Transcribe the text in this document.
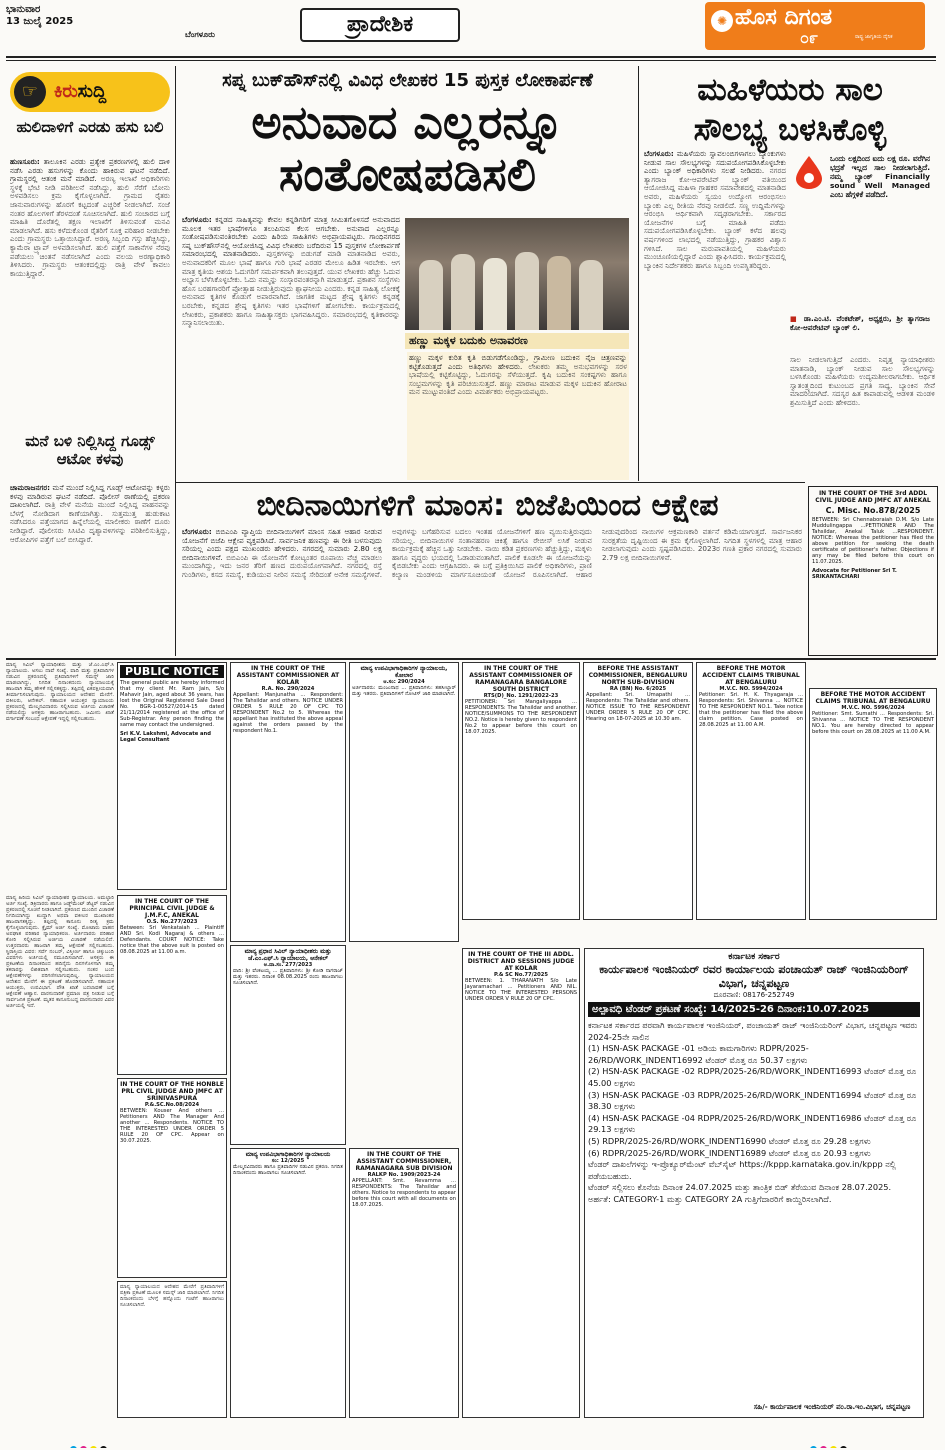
ಭಾನುವಾರ
13 ಜುಲೈ 2025
ಬೆಂಗಳೂರು	ಪ್ರಾದೇಶಿಕ	✺ ಹೊಸ ದಿಗಂತ
೦೯	ರಾಷ್ಟ್ರ ಜಾಗೃತಿಯ ದೈನಿಕ
☞ ಕಿರುಸುದ್ದಿ
ಹುಲಿದಾಳಿಗೆ ಎರಡು ಹಸು ಬಲಿ
ಹುಣಸೂರು: ತಾಲೂಕಿನ ಎರಡು ಪ್ರತ್ಯೇಕ ಪ್ರಕರಣಗಳಲ್ಲಿ ಹುಲಿ ದಾಳಿ ನಡೆಸಿ ಎರಡು ಹಸುಗಳನ್ನು ಕೊಂದು ಹಾಕಿರುವ ಘಟನೆ ನಡೆದಿದೆ. ಗ್ರಾಮಸ್ಥರಲ್ಲಿ ಆತಂಕ ಮನೆ ಮಾಡಿದೆ. ಅರಣ್ಯ ಇಲಾಖೆ ಅಧಿಕಾರಿಗಳು ಸ್ಥಳಕ್ಕೆ ಭೇಟಿ ನೀಡಿ ಪರಿಶೀಲನೆ ನಡೆಸಿದ್ದು, ಹುಲಿ ಸೆರೆಗೆ ಬೋನು ಅಳವಡಿಸಲು ಕ್ರಮ ಕೈಗೊಳ್ಳಲಾಗಿದೆ. ಗ್ರಾಮದ ರೈತರು ಜಾನುವಾರುಗಳನ್ನು ಹೊರಗೆ ಕಟ್ಟದಂತೆ ಎಚ್ಚರಿಕೆ ನೀಡಲಾಗಿದೆ. ಸಂಜೆ ನಂತರ ಹೊಲಗಳಿಗೆ ತೆರಳದಂತೆ ಸೂಚಿಸಲಾಗಿದೆ. ಹುಲಿ ಸಂಚಾರದ ಬಗ್ಗೆ ಮಾಹಿತಿ ದೊರೆತಲ್ಲಿ ತಕ್ಷಣ ಇಲಾಖೆಗೆ ತಿಳಿಸುವಂತೆ ಮನವಿ ಮಾಡಲಾಗಿದೆ. ಹಸು ಕಳೆದುಕೊಂಡ ರೈತರಿಗೆ ಸೂಕ್ತ ಪರಿಹಾರ ನೀಡಬೇಕು ಎಂದು ಗ್ರಾಮಸ್ಥರು ಒತ್ತಾಯಿಸಿದ್ದಾರೆ. ಅರಣ್ಯ ಸಿಬ್ಬಂದಿ ಗಸ್ತು ಹೆಚ್ಚಿಸಿದ್ದು, ಕ್ಯಾಮೆರಾ ಟ್ರ್ಯಾಪ್ ಅಳವಡಿಸಲಾಗಿದೆ. ಹುಲಿ ಪತ್ತೆಗೆ ಸಾಕಾನೆಗಳ ನೆರವು ಪಡೆಯಲು ಚಿಂತನೆ ನಡೆಸಲಾಗಿದೆ ಎಂದು ವಲಯ ಅರಣ್ಯಾಧಿಕಾರಿ ತಿಳಿಸಿದರು. ಗ್ರಾಮಸ್ಥರು ಆತಂಕದಲ್ಲಿದ್ದು ರಾತ್ರಿ ವೇಳೆ ಕಾವಲು ಕಾಯುತ್ತಿದ್ದಾರೆ.
ಮನೆ ಬಳಿ ನಿಲ್ಲಿಸಿದ್ದ ಗೂಡ್ಸ್ ಆಟೋ ಕಳವು
ಚಾಮರಾಜನಗರ: ಮನೆ ಮುಂದೆ ನಿಲ್ಲಿಸಿದ್ದ ಗೂಡ್ಸ್ ಆಟೋವನ್ನು ಕಳ್ಳರು ಕಳವು ಮಾಡಿರುವ ಘಟನೆ ನಡೆದಿದೆ. ಪೊಲೀಸ್ ಠಾಣೆಯಲ್ಲಿ ಪ್ರಕರಣ ದಾಖಲಾಗಿದೆ. ರಾತ್ರಿ ವೇಳೆ ಮನೆಯ ಮುಂದೆ ನಿಲ್ಲಿಸಿದ್ದ ವಾಹನವನ್ನು ಬೆಳಗ್ಗೆ ನೋಡಿದಾಗ ಕಾಣೆಯಾಗಿತ್ತು. ಸುತ್ತಮುತ್ತ ಹುಡುಕಾಟ ನಡೆಸಿದರೂ ಪತ್ತೆಯಾಗದ ಹಿನ್ನೆಲೆಯಲ್ಲಿ ಮಾಲೀಕರು ಠಾಣೆಗೆ ದೂರು ನೀಡಿದ್ದಾರೆ. ಪೊಲೀಸರು ಸಿಸಿಟಿವಿ ದೃಶ್ಯಾವಳಿಗಳನ್ನು ಪರಿಶೀಲಿಸುತ್ತಿದ್ದು, ಆರೋಪಿಗಳ ಪತ್ತೆಗೆ ಬಲೆ ಬೀಸಿದ್ದಾರೆ.
ಸಪ್ನ ಬುಕ್‌ಹೌಸ್‌ನಲ್ಲಿ ವಿವಿಧ ಲೇಖಕರ 15 ಪುಸ್ತಕ ಲೋಕಾರ್ಪಣೆ
ಅನುವಾದ ಎಲ್ಲರನ್ನೂ
ಸಂತೋಷಪಡಿಸಲಿ
ಬೆಂಗಳೂರು: ಕನ್ನಡದ ಸಾಹಿತ್ಯವನ್ನು ಕೇವಲ ಕನ್ನಡಿಗರಿಗೆ ಮಾತ್ರ ಸೀಮಿತಗೊಳಿಸದೆ ಅನುವಾದದ ಮೂಲಕ ಇತರ ಭಾಷೆಗಳಿಗೂ ತಲುಪಿಸುವ ಕೆಲಸ ಆಗಬೇಕು. ಅನುವಾದ ಎಲ್ಲರನ್ನೂ ಸಂತೋಷಪಡಿಸುವಂತಿರಬೇಕು ಎಂದು ಹಿರಿಯ ಸಾಹಿತಿಗಳು ಅಭಿಪ್ರಾಯಪಟ್ಟರು. ಗಾಂಧಿನಗರದ ಸಪ್ನ ಬುಕ್‌ಹೌಸ್‌ನಲ್ಲಿ ಆಯೋಜಿಸಿದ್ದ ವಿವಿಧ ಲೇಖಕರು ಬರೆದಿರುವ 15 ಪುಸ್ತಕಗಳ ಲೋಕಾರ್ಪಣೆ ಸಮಾರಂಭದಲ್ಲಿ ಮಾತನಾಡಿದರು. ಪುಸ್ತಕಗಳನ್ನು ಬಿಡುಗಡೆ ಮಾಡಿ ಮಾತನಾಡಿದ ಅವರು, ಅನುವಾದಕರಿಗೆ ಮೂಲ ಭಾಷೆ ಹಾಗೂ ಗುರಿ ಭಾಷೆ ಎರಡರ ಮೇಲೂ ಹಿಡಿತ ಇರಬೇಕು. ಆಗ ಮಾತ್ರ ಕೃತಿಯ ಆಶಯ ಓದುಗರಿಗೆ ಸಮರ್ಪಕವಾಗಿ ತಲುಪುತ್ತದೆ. ಯುವ ಲೇಖಕರು ಹೆಚ್ಚು ಓದುವ ಅಭ್ಯಾಸ ಬೆಳೆಸಿಕೊಳ್ಳಬೇಕು. ಓದು ನಮ್ಮನ್ನು ಸಂಸ್ಕಾರವಂತರನ್ನಾಗಿ ಮಾಡುತ್ತದೆ. ಪ್ರಕಾಶನ ಸಂಸ್ಥೆಗಳು ಹೊಸ ಬರಹಗಾರರಿಗೆ ಪ್ರೋತ್ಸಾಹ ನೀಡುತ್ತಿರುವುದು ಶ್ಲಾಘನೀಯ ಎಂದರು. ಕನ್ನಡ ಸಾಹಿತ್ಯ ಲೋಕಕ್ಕೆ ಅನುವಾದ ಕೃತಿಗಳ ಕೊಡುಗೆ ಅಪಾರವಾಗಿದೆ. ಜಾಗತಿಕ ಮಟ್ಟದ ಶ್ರೇಷ್ಠ ಕೃತಿಗಳು ಕನ್ನಡಕ್ಕೆ ಬರಬೇಕು, ಕನ್ನಡದ ಶ್ರೇಷ್ಠ ಕೃತಿಗಳು ಇತರ ಭಾಷೆಗಳಿಗೆ ಹೋಗಬೇಕು. ಕಾರ್ಯಕ್ರಮದಲ್ಲಿ ಲೇಖಕರು, ಪ್ರಕಾಶಕರು ಹಾಗೂ ಸಾಹಿತ್ಯಾಸಕ್ತರು ಭಾಗವಹಿಸಿದ್ದರು. ಸಮಾರಂಭದಲ್ಲಿ ಕೃತಿಕಾರರನ್ನು ಸನ್ಮಾನಿಸಲಾಯಿತು.
ಹಣ್ಣು ಮಕ್ಕಳ ಬದುಕು ಅನಾವರಣ
ಹಣ್ಣು ಮಕ್ಕಳ ಕುರಿತ ಕೃತಿ ಬಿಡುಗಡೆಗೊಂಡಿದ್ದು, ಗ್ರಾಮೀಣ ಬದುಕಿನ ನೈಜ ಚಿತ್ರಣವನ್ನು ಕಟ್ಟಿಕೊಡುತ್ತದೆ ಎಂದು ಅತಿಥಿಗಳು ಹೇಳಿದರು. ಲೇಖಕರು ತಮ್ಮ ಅನುಭವಗಳನ್ನು ಸರಳ ಭಾಷೆಯಲ್ಲಿ ಕಟ್ಟಿಕೊಟ್ಟಿದ್ದು, ಓದುಗರನ್ನು ಸೆಳೆಯುತ್ತದೆ. ಕೃಷಿ ಬದುಕಿನ ಸಂಕಷ್ಟಗಳು ಹಾಗೂ ಸಂಭ್ರಮಗಳನ್ನು ಕೃತಿ ಪರಿಚಯಿಸುತ್ತದೆ. ಹಣ್ಣು ಮಾರಾಟ ಮಾಡುವ ಮಕ್ಕಳ ಬದುಕಿನ ಹೋರಾಟ ಮನ ಮುಟ್ಟುವಂತಿದೆ ಎಂದು ವಿಮರ್ಶಕರು ಅಭಿಪ್ರಾಯಪಟ್ಟರು.
ಮಹಿಳೆಯರು ಸಾಲ
ಸೌಲಭ್ಯ ಬಳಸಿಕೊಳ್ಳಿ
ಬೆಂಗಳೂರು: ಮಹಿಳೆಯರು ಸ್ವಾವಲಂಬಿಗಳಾಗಲು ಬ್ಯಾಂಕುಗಳು ನೀಡುವ ಸಾಲ ಸೌಲಭ್ಯಗಳನ್ನು ಸದುಪಯೋಗಪಡಿಸಿಕೊಳ್ಳಬೇಕು ಎಂದು ಬ್ಯಾಂಕ್ ಅಧಿಕಾರಿಗಳು ಸಲಹೆ ನೀಡಿದರು. ನಗರದ ತ್ಯಾಗರಾಜ ಕೋ-ಆಪರೇಟಿವ್ ಬ್ಯಾಂಕ್ ವತಿಯಿಂದ ಆಯೋಜಿಸಿದ್ದ ಮಹಿಳಾ ಗ್ರಾಹಕರ ಸಮಾವೇಶದಲ್ಲಿ ಮಾತನಾಡಿದ ಅವರು, ಮಹಿಳೆಯರು ಸ್ವಯಂ ಉದ್ಯೋಗ ಆರಂಭಿಸಲು ಬ್ಯಾಂಕು ಎಲ್ಲ ರೀತಿಯ ನೆರವು ನೀಡಲಿದೆ. ಸಣ್ಣ ಉದ್ದಿಮೆಗಳನ್ನು ಆರಂಭಿಸಿ ಆರ್ಥಿಕವಾಗಿ ಸದೃಢರಾಗಬೇಕು. ಸರ್ಕಾರದ ಯೋಜನೆಗಳ ಬಗ್ಗೆ ಮಾಹಿತಿ ಪಡೆದು ಸದುಪಯೋಗಪಡಿಸಿಕೊಳ್ಳಬೇಕು. ಬ್ಯಾಂಕ್ ಕಳೆದ ಹಲವು ವರ್ಷಗಳಿಂದ ಲಾಭದಲ್ಲಿ ನಡೆಯುತ್ತಿದ್ದು, ಗ್ರಾಹಕರ ವಿಶ್ವಾಸ ಗಳಿಸಿದೆ. ಸಾಲ ಮರುಪಾವತಿಯಲ್ಲಿ ಮಹಿಳೆಯರು ಮುಂಚೂಣಿಯಲ್ಲಿದ್ದಾರೆ ಎಂದು ಶ್ಲಾಘಿಸಿದರು. ಕಾರ್ಯಕ್ರಮದಲ್ಲಿ ಬ್ಯಾಂಕಿನ ನಿರ್ದೇಶಕರು ಹಾಗೂ ಸಿಬ್ಬಂದಿ ಉಪಸ್ಥಿತರಿದ್ದರು.
ಒಂದು ಲಕ್ಷದಿಂದ ಐದು ಲಕ್ಷ ರೂ. ವರೆಗಿನ ಭದ್ರತೆ ಇಲ್ಲದ ಸಾಲ ನೀಡಲಾಗುತ್ತಿದೆ. ನಮ್ಮ ಬ್ಯಾಂಕ್ Financially sound Well Managed ಎಂಬ ಹೆಗ್ಗಳಿಕೆ ಪಡೆದಿದೆ.
■ ಡಾ.ಎಂ.ಟಿ. ವೆಂಕಟೇಶ್, ಅಧ್ಯಕ್ಷರು, ಶ್ರೀ ತ್ಯಾಗರಾಜ ಕೋ-ಆಪರೇಟಿವ್ ಬ್ಯಾಂಕ್ ಲಿ.
ಸಾಲ ನೀಡಲಾಗುತ್ತಿದೆ ಎಂದರು. ನಿವೃತ್ತ ನ್ಯಾಯಾಧೀಶರು ಮಾತನಾಡಿ, ಬ್ಯಾಂಕ್ ನೀಡುವ ಸಾಲ ಸೌಲಭ್ಯಗಳನ್ನು ಬಳಸಿಕೊಂಡು ಮಹಿಳೆಯರು ಉದ್ಯಮಶೀಲರಾಗಬೇಕು. ಆರ್ಥಿಕ ಸ್ವಾತಂತ್ರ್ಯದಿಂದ ಕುಟುಂಬದ ಪ್ರಗತಿ ಸಾಧ್ಯ. ಬ್ಯಾಂಕಿನ ಸೇವೆ ಮಾದರಿಯಾಗಿದೆ. ಸದಸ್ಯರ ಹಿತ ಕಾಪಾಡುವಲ್ಲಿ ಆಡಳಿತ ಮಂಡಳಿ ಶ್ರಮಿಸುತ್ತಿದೆ ಎಂದು ಹೇಳಿದರು.
ಬೀದಿನಾಯಿಗಳಿಗೆ ಮಾಂಸ: ಬಿಜೆಪಿಯಿಂದ ಆಕ್ಷೇಪ
ಬೆಂಗಳೂರು: ಬಿಬಿಎಂಪಿ ವ್ಯಾಪ್ತಿಯ ಬೀದಿನಾಯಿಗಳಿಗೆ ಮಾಂಸ ಸಹಿತ ಆಹಾರ ನೀಡುವ ಯೋಜನೆಗೆ ಬಿಜೆಪಿ ಆಕ್ಷೇಪ ವ್ಯಕ್ತಪಡಿಸಿದೆ. ಸಾರ್ವಜನಿಕ ಹಣವನ್ನು ಈ ರೀತಿ ಬಳಸುವುದು ಸರಿಯಲ್ಲ ಎಂದು ಪಕ್ಷದ ಮುಖಂಡರು ಹೇಳಿದರು. ನಗರದಲ್ಲಿ ಸುಮಾರು 2.80 ಲಕ್ಷ ಬೀದಿನಾಯಿಗಳಿವೆ. ಬಿಬಿಎಂಪಿ ಈ ಯೋಜನೆಗೆ ಕೋಟ್ಯಂತರ ರೂಪಾಯಿ ವೆಚ್ಚ ಮಾಡಲು ಮುಂದಾಗಿದ್ದು, ಇದು ಜನರ ತೆರಿಗೆ ಹಣದ ದುರುಪಯೋಗವಾಗಿದೆ. ನಗರದಲ್ಲಿ ರಸ್ತೆ ಗುಂಡಿಗಳು, ಕಸದ ಸಮಸ್ಯೆ, ಕುಡಿಯುವ ನೀರಿನ ಸಮಸ್ಯೆ ಸೇರಿದಂತೆ ಅನೇಕ ಸಮಸ್ಯೆಗಳಿವೆ. ಅವುಗಳನ್ನು ಬಗೆಹರಿಸುವ ಬದಲು ಇಂತಹ ಯೋಜನೆಗಳಿಗೆ ಹಣ ವ್ಯಯಿಸುತ್ತಿರುವುದು ಸರಿಯಲ್ಲ. ಬೀದಿನಾಯಿಗಳ ಸಂತಾನಹರಣ ಚಿಕಿತ್ಸೆ ಹಾಗೂ ರೇಬೀಸ್ ಲಸಿಕೆ ನೀಡುವ ಕಾರ್ಯಕ್ರಮಕ್ಕೆ ಹೆಚ್ಚಿನ ಒತ್ತು ನೀಡಬೇಕು. ನಾಯಿ ಕಡಿತ ಪ್ರಕರಣಗಳು ಹೆಚ್ಚುತ್ತಿದ್ದು, ಮಕ್ಕಳು ಹಾಗೂ ವೃದ್ಧರು ಭಯದಲ್ಲಿ ಓಡಾಡುವಂತಾಗಿದೆ. ಪಾಲಿಕೆ ಕೂಡಲೇ ಈ ಯೋಜನೆಯನ್ನು ಕೈಬಿಡಬೇಕು ಎಂದು ಆಗ್ರಹಿಸಿದರು. ಈ ಬಗ್ಗೆ ಪ್ರತಿಕ್ರಿಯಿಸಿದ ಪಾಲಿಕೆ ಅಧಿಕಾರಿಗಳು, ಪ್ರಾಣಿ ಕಲ್ಯಾಣ ಮಂಡಳಿಯ ಮಾರ್ಗಸೂಚಿಯಂತೆ ಯೋಜನೆ ರೂಪಿಸಲಾಗಿದೆ. ಆಹಾರ ನೀಡುವುದರಿಂದ ನಾಯಿಗಳ ಆಕ್ರಮಣಕಾರಿ ವರ್ತನೆ ಕಡಿಮೆಯಾಗುತ್ತದೆ. ಸಾರ್ವಜನಿಕರ ಸುರಕ್ಷತೆಯ ದೃಷ್ಟಿಯಿಂದ ಈ ಕ್ರಮ ಕೈಗೊಳ್ಳಲಾಗಿದೆ. ನಿಗದಿತ ಸ್ಥಳಗಳಲ್ಲಿ ಮಾತ್ರ ಆಹಾರ ನೀಡಲಾಗುವುದು ಎಂದು ಸ್ಪಷ್ಟಪಡಿಸಿದರು. 2023ರ ಗಣತಿ ಪ್ರಕಾರ ನಗರದಲ್ಲಿ ಸುಮಾರು 2.79 ಲಕ್ಷ ಬೀದಿನಾಯಿಗಳಿವೆ.
IN THE COURT OF THE 3rd ADDL CIVIL JUDGE AND JMFC AT ANEKAL
C. Misc. No.878/2025
BETWEEN: Sri Chennaboraiah D.M. S/o Late Muddulingappa ...PETITIONER AND The Tahsildar, Anekal Taluk ...RESPONDENT. NOTICE: Whereas the petitioner has filed the above petition for seeking the death certificate of petitioner's father. Objections if any may be filed before this court on 11.07.2025.
Advocate for Petitioner Sri T. SRIKANTACHARI
ಮಾನ್ಯ ಸಿವಿಲ್ ನ್ಯಾಯಾಧೀಶರು ಮತ್ತು ಜೆ.ಎಂ.ಎಫ್.ಸಿ ನ್ಯಾಯಾಲಯ. ಅಸಲು ದಾವೆ ಸಂಖ್ಯೆ. ವಾದಿ ಮತ್ತು ಪ್ರತಿವಾದಿಗಳ ನಡುವಿನ ಪ್ರಕರಣದಲ್ಲಿ ಪ್ರತಿವಾದಿಗಳಿಗೆ ಸಮನ್ಸ್ ಜಾರಿ ಮಾಡಲಾಗಿದ್ದು, ನಿಗದಿತ ದಿನಾಂಕದಂದು ನ್ಯಾಯಾಲಯಕ್ಕೆ ಹಾಜರಾಗಿ ತಮ್ಮ ಹೇಳಿಕೆ ಸಲ್ಲಿಸತಕ್ಕದ್ದು. ತಪ್ಪಿದಲ್ಲಿ ಏಕಪಕ್ಷೀಯವಾಗಿ ತೀರ್ಮಾನಿಸಲಾಗುವುದು. ನ್ಯಾಯಾಲಯದ ಆದೇಶದ ಮೇರೆಗೆ. ವಕೀಲರು, ಆನೇಕಲ್. ಸಹಾಯಕ ಆಯುಕ್ತರ ನ್ಯಾಯಾಲಯ ಪ್ರಕರಣದಲ್ಲಿ ಮೇಲ್ಮನವಿದಾರರು ಸಲ್ಲಿಸಿರುವ ಅರ್ಜಿಯ ವಿಚಾರಣೆ ನಡೆಯಲಿದ್ದು ಆಸಕ್ತರು ಹಾಜರಾಗಬಹುದು. ಜಮೀನು ಖಾತೆ ವರ್ಗಾವಣೆ ಸಂಬಂಧ ಆಕ್ಷೇಪಣೆ ಇದ್ದಲ್ಲಿ ಸಲ್ಲಿಸಬಹುದು.
PUBLIC NOTICE
The general public are hereby informed that my client Mr. Ram Jain, S/o Mahavir Jain, aged about 36 years, has lost the Original Registered Sale Deed No. BGR-1-00527/2014-15 dated 21/11/2014 registered at the office of Sub-Registrar. Any person finding the same may contact the undersigned.
Sri K.V. Lakshmi, Advocate and Legal Consultant
IN THE COURT OF THE ASSISTANT COMMISSIONER AT KOLAR
R.A. No. 290/2024
Appellant: Manjunatha ... Respondent: The Tahsildar and others. NOTICE UNDER ORDER 5 RULE 20 OF CPC TO RESPONDENT No.2 to 5. Whereas the appellant has instituted the above appeal against the orders passed by the respondent No.1.
ಮಾನ್ಯ ಉಪವಿಭಾಗಾಧಿಕಾರಿಗಳ ನ್ಯಾಯಾಲಯ, ಕೋಲಾರ
ಆ.ಸಂ: 290/2024
ಅರ್ಜಿದಾರರು: ಮಂಜುನಾಥ ... ಪ್ರತಿವಾದಿಗಳು: ತಹಸೀಲ್ದಾರ್ ಮತ್ತು ಇತರರು. ಪ್ರತಿವಾದಿಗಳಿಗೆ ನೋಟಿಸ್ ಜಾರಿ ಮಾಡಲಾಗಿದೆ.
IN THE COURT OF THE ASSISTANT COMMISSIONER OF RAMANAGARA BANGALORE SOUTH DISTRICT
RTS(D)_No. 1291/2022-23
PETITIONER: Sri Mangaliyappa ... RESPONDENTS: The Tahsildar and another. NOTICE/SUMMONS TO THE RESPONDENT NO.2. Notice is hereby given to respondent No.2 to appear before this court on 18.07.2025.
BEFORE THE ASSISTANT COMMISSIONER, BENGALURU NORTH SUB-DIVISION
RA (BN) No. 6/2025
Appellant: Sri. Umapathi ... Respondents: The Tahsildar and others. NOTICE ISSUE TO THE RESPONDENT UNDER ORDER 5 RULE 20 OF CPC. Hearing on 18-07-2025 at 10.30 am.
BEFORE THE MOTOR ACCIDENT CLAIMS TRIBUNAL AT BENGALURU
M.V.C. NO. 5994/2024
Petitioner: Sri. H. K. Thyagaraja ... Respondents: Sri. Shivanna ... NOTICE TO THE RESPONDENT NO.1. Take notice that the petitioner has filed the above claim petition. Case posted on 28.08.2025 at 11.00 A.M.
BEFORE THE MOTOR ACCIDENT CLAIMS TRIBUNAL AT BENGALURU
M.V.C. NO. 5996/2024
Petitioner: Smt. Sumathi ... Respondents: Sri. Shivanna ... NOTICE TO THE RESPONDENT NO.1. You are hereby directed to appear before this court on 28.08.2025 at 11.00 A.M.
ಮಾನ್ಯ ಹಿರಿಯ ಸಿವಿಲ್ ನ್ಯಾಯಾಧೀಶರ ನ್ಯಾಯಾಲಯ. ಅಮಲ್ಜಾರಿ ಅರ್ಜಿ ಸಂಖ್ಯೆ. ಡಿಕ್ರಿದಾರರು ಹಾಗೂ ಜಡ್ಜ್‌ಮೆಂಟ್ ಡೆಟ್ಟರ್ ನಡುವಿನ ಪ್ರಕರಣದಲ್ಲಿ ಸೂಚನೆ ನೀಡಲಾಗಿದೆ. ಪ್ರಕರಣದ ಮುಂದಿನ ವಿಚಾರಣೆ ನಿಗದಿಯಾಗಿದ್ದು ಖುದ್ದಾಗಿ ಅಥವಾ ವಕೀಲರ ಮುಖಾಂತರ ಹಾಜರಾಗತಕ್ಕದ್ದು. ತಪ್ಪಿದಲ್ಲಿ ಕಾನೂನು ರೀತ್ಯ ಕ್ರಮ ಕೈಗೊಳ್ಳಲಾಗುವುದು. ಕ್ಲೈಮ್ ಅರ್ಜಿ ಸಂಖ್ಯೆ. ಮೋಟಾರು ವಾಹನ ಅಪಘಾತ ಪರಿಹಾರ ನ್ಯಾಯಾಧಿಕರಣ. ಅರ್ಜಿದಾರರು ಪರಿಹಾರ ಕೋರಿ ಸಲ್ಲಿಸಿರುವ ಅರ್ಜಿಯ ವಿಚಾರಣೆ ನಡೆಯಲಿದೆ. ಉತ್ತರದಾರರು ಹಾಜರಾಗಿ ತಮ್ಮ ಆಕ್ಷೇಪಣೆ ಸಲ್ಲಿಸಬಹುದು. ಸ್ಥಿರಾಸ್ತಿಯ ವಿವರ: ಸರ್ವೆ ನಂಬರ್, ವಿಸ್ತೀರ್ಣ ಹಾಗೂ ಚಕ್ಕುಬಂದಿ ವಿವರಗಳು ಅರ್ಜಿಯಲ್ಲಿ ನಮೂದಿಸಲಾಗಿದೆ. ಆಸಕ್ತರು ಈ ಪ್ರಕಟಣೆಯ ದಿನಾಂಕದಿಂದ ಹದಿನೈದು ದಿನಗಳೊಳಗಾಗಿ ತಮ್ಮ ತಕರಾರನ್ನು ಲಿಖಿತವಾಗಿ ಸಲ್ಲಿಸಬಹುದು. ನಂತರ ಬಂದ ಆಕ್ಷೇಪಣೆಗಳನ್ನು ಪರಿಗಣಿಸಲಾಗುವುದಿಲ್ಲ. ನ್ಯಾಯಾಲಯದ ಆದೇಶದ ಮೇರೆಗೆ ಈ ಪ್ರಕಟಣೆ ಹೊರಡಿಸಲಾಗಿದೆ. ಸಹಾಯಕ ಆಯುಕ್ತರು, ಉಪವಿಭಾಗ. ಪೌತಿ ಖಾತೆ ಬದಲಾವಣೆ ಬಗ್ಗೆ ಆಕ್ಷೇಪಣೆ ಆಹ್ವಾನ. ವಾರಸುದಾರಿಕೆ ಪ್ರಮಾಣ ಪತ್ರ ನೀಡುವ ಬಗ್ಗೆ ಸಾರ್ವಜನಿಕ ಪ್ರಕಟಣೆ. ಮೃತರ ಕಾನೂನುಬದ್ಧ ವಾರಸುದಾರರ ವಿವರ ಅರ್ಜಿಯಲ್ಲಿ ಇದೆ.
IN THE COURT OF THE PRINCIPAL CIVIL JUDGE & J.M.F.C, ANEKAL
O.S. No.277/2023
Between: Sri Venkataiah ... Plaintiff AND Sri. Kodi Nagaraj & others ... Defendants. COURT NOTICE: Take notice that the above suit is posted on 08.08.2025 at 11.00 a.m.	ಮಾನ್ಯ ಪ್ರಧಾನ ಸಿವಿಲ್ ನ್ಯಾಯಾಧೀಶರು ಮತ್ತು ಜೆ.ಎಂ.ಎಫ್.ಸಿ ನ್ಯಾಯಾಲಯ, ಆನೇಕಲ್
ಅ.ದಾ.ಸಂ. 277/2023
ವಾದಿ: ಶ್ರೀ ವೆಂಕಟಯ್ಯ ... ಪ್ರತಿವಾದಿಗಳು: ಶ್ರೀ ಕೋಡಿ ನಾಗರಾಜ್ ಮತ್ತು ಇತರರು. ದಿನಾಂಕ 08.08.2025 ರಂದು ಹಾಜರಾಗಲು ಸೂಚಿಸಲಾಗಿದೆ.
IN THE COURT OF THE HONBLE PRL CIVIL JUDGE AND JMFC AT SRINIVASPURA
P.&.SC.No.08/2024
BETWEEN: Kouser And others ... Petitioners AND The Manager And another ... Respondents. NOTICE TO THE INTERESTED UNDER ORDER 5 RULE 20 OF CPC. Appear on 30.07.2025.
IN THE COURT OF THE ASSISTANT COMMISSIONER, RAMANAGARA SUB DIVISION
RALKP No. 1909/2023-24
APPELLANT: Smt. Revamma ... RESPONDENTS: The Tahsildar and others. Notice to respondents to appear before this court with all documents on 18.07.2025.
IN THE COURT OF THE III ADDL. DISTRICT AND SESSIONS JUDGE AT KOLAR
P.& SC No.77/2025
BETWEEN: 1. THARANATH S/o Late Jayaramachari ... Petitioners AND NIL. NOTICE TO THE INTERESTED PERSONS UNDER ORDER V RULE 20 OF CPC.
ಮಾನ್ಯ ಉಪವಿಭಾಗಾಧಿಕಾರಿಗಳ ನ್ಯಾಯಾಲಯ
ಸಂ: 12/2025
ಮೇಲ್ಮನವಿದಾರರು ಹಾಗೂ ಪ್ರತಿವಾದಿಗಳ ನಡುವಿನ ಪ್ರಕರಣ. ನಿಗದಿತ ದಿನಾಂಕದಂದು ಹಾಜರಾಗಲು ಸೂಚಿಸಲಾಗಿದೆ.
ಮಾನ್ಯ ನ್ಯಾಯಾಲಯದ ಆದೇಶದ ಮೇರೆಗೆ ಪ್ರತಿವಾದಿಗಳಿಗೆ ಪತ್ರಿಕಾ ಪ್ರಕಟಣೆ ಮೂಲಕ ಸಮನ್ಸ್ ಜಾರಿ ಮಾಡಲಾಗಿದೆ. ನಿಗದಿತ ದಿನಾಂಕದಂದು ಬೆಳಗ್ಗೆ ಹನ್ನೊಂದು ಗಂಟೆಗೆ ಹಾಜರಾಗಲು ಸೂಚಿಸಲಾಗಿದೆ.
ಕರ್ನಾಟಕ ಸರ್ಕಾರ
ಕಾರ್ಯಪಾಲಕ ಇಂಜಿನಿಯರ್ ರವರ ಕಾರ್ಯಾಲಯ ಪಂಚಾಯತ್ ರಾಜ್ ಇಂಜಿನಿಯರಿಂಗ್ ವಿಭಾಗ, ಚನ್ನಪಟ್ಟಣ
ದೂರವಾಣಿ: 08176-252749
ಅಲ್ಪಾವಧಿ ಟೆಂಡರ್ ಪ್ರಕಟಣೆ ಸಂಖ್ಯೆ: 14/2025-26 ದಿನಾಂಕ:10.07.2025
ಕರ್ನಾಟಕ ಸರ್ಕಾರದ ಪರವಾಗಿ ಕಾರ್ಯಪಾಲಕ ಇಂಜಿನಿಯರ್, ಪಂಚಾಯತ್ ರಾಜ್ ಇಂಜಿನಿಯರಿಂಗ್ ವಿಭಾಗ, ಚನ್ನಪಟ್ಟಣ ಇವರು 2024-25ನೇ ಸಾಲಿನ
(1) HSN-ASK PACKAGE -01 ಅಡಿಯ ಕಾಮಗಾರಿಗಳು RDPR/2025-26/RD/WORK_INDENT16992 ಟೆಂಡರ್ ಮೊತ್ತ ರೂ 50.37 ಲಕ್ಷಗಳು
(2) HSN-ASK PACKAGE -02 RDPR/2025-26/RD/WORK_INDENT16993 ಟೆಂಡರ್ ಮೊತ್ತ ರೂ 45.00 ಲಕ್ಷಗಳು
(3) HSN-ASK PACKAGE -03 RDPR/2025-26/RD/WORK_INDENT16994 ಟೆಂಡರ್ ಮೊತ್ತ ರೂ 38.30 ಲಕ್ಷಗಳು
(4) HSN-ASK PACKAGE -04 RDPR/2025-26/RD/WORK_INDENT16986 ಟೆಂಡರ್ ಮೊತ್ತ ರೂ 29.13 ಲಕ್ಷಗಳು
(5) RDPR/2025-26/RD/WORK_INDENT16990 ಟೆಂಡರ್ ಮೊತ್ತ ರೂ 29.28 ಲಕ್ಷಗಳು
(6) RDPR/2025-26/RD/WORK_INDENT16989 ಟೆಂಡರ್ ಮೊತ್ತ ರೂ 20.93 ಲಕ್ಷಗಳು
ಟೆಂಡರ್ ದಾಖಲೆಗಳನ್ನು ಇ-ಪ್ರೊಕ್ಯೂರ್‌ಮೆಂಟ್ ವೆಬ್‌ಸೈಟ್ https://kppp.karnataka.gov.in/kppp ನಲ್ಲಿ ಪಡೆಯಬಹುದು.
ಟೆಂಡರ್ ಸಲ್ಲಿಸಲು ಕೊನೆಯ ದಿನಾಂಕ 24.07.2025 ಮತ್ತು ತಾಂತ್ರಿಕ ಬಿಡ್ ತೆರೆಯುವ ದಿನಾಂಕ 28.07.2025.
ಅರ್ಹತೆ: CATEGORY-1 ಮತ್ತು CATEGORY 2A ಗುತ್ತಿಗೆದಾರರಿಗೆ ಕಾಯ್ದಿರಿಸಲಾಗಿದೆ.
ಸಹಿ/- ಕಾರ್ಯಪಾಲಕ ಇಂಜಿನಿಯರ್ ಪಂ.ರಾ.ಇಂ.ವಿಭಾಗ, ಚನ್ನಪಟ್ಟಣ
